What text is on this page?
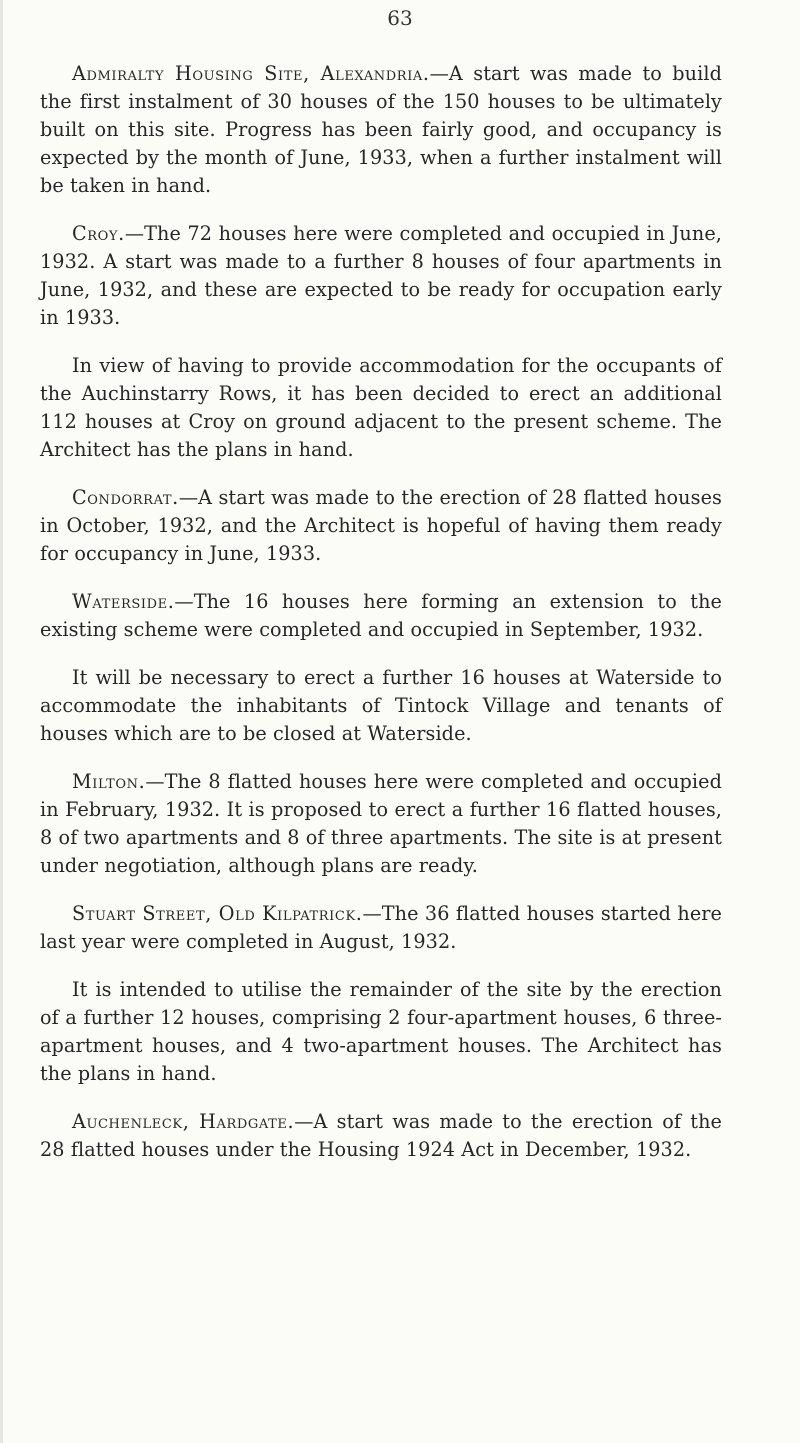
63

Admiralty Housing Site, Alexandria.—A start was made to build the first instalment of 30 houses of the 150 houses to be ultimately built on this site. Progress has been fairly good, and occupancy is expected by the month of June, 1933, when a further instalment will be taken in hand.

Croy.—The 72 houses here were completed and occupied in June, 1932. A start was made to a further 8 houses of four apartments in June, 1932, and these are expected to be ready for occupation early in 1933.

In view of having to provide accommodation for the occupants of the Auchinstarry Rows, it has been decided to erect an additional 112 houses at Croy on ground adjacent to the present scheme. The Architect has the plans in hand.

Condorrat.—A start was made to the erection of 28 flatted houses in October, 1932, and the Architect is hopeful of having them ready for occupancy in June, 1933.

Waterside.—The 16 houses here forming an extension to the existing scheme were completed and occupied in September, 1932.

It will be necessary to erect a further 16 houses at Waterside to accommodate the inhabitants of Tintock Village and tenants of houses which are to be closed at Waterside.

Milton.—The 8 flatted houses here were completed and occupied in February, 1932. It is proposed to erect a further 16 flatted houses, 8 of two apartments and 8 of three apartments. The site is at present under negotiation, although plans are ready.

Stuart Street, Old Kilpatrick.—The 36 flatted houses started here last year were completed in August, 1932.

It is intended to utilise the remainder of the site by the erection of a further 12 houses, comprising 2 four-apartment houses, 6 three-apartment houses, and 4 two-apartment houses. The Architect has the plans in hand.

Auchenleck, Hardgate.—A start was made to the erection of the 28 flatted houses under the Housing 1924 Act in December, 1932.
